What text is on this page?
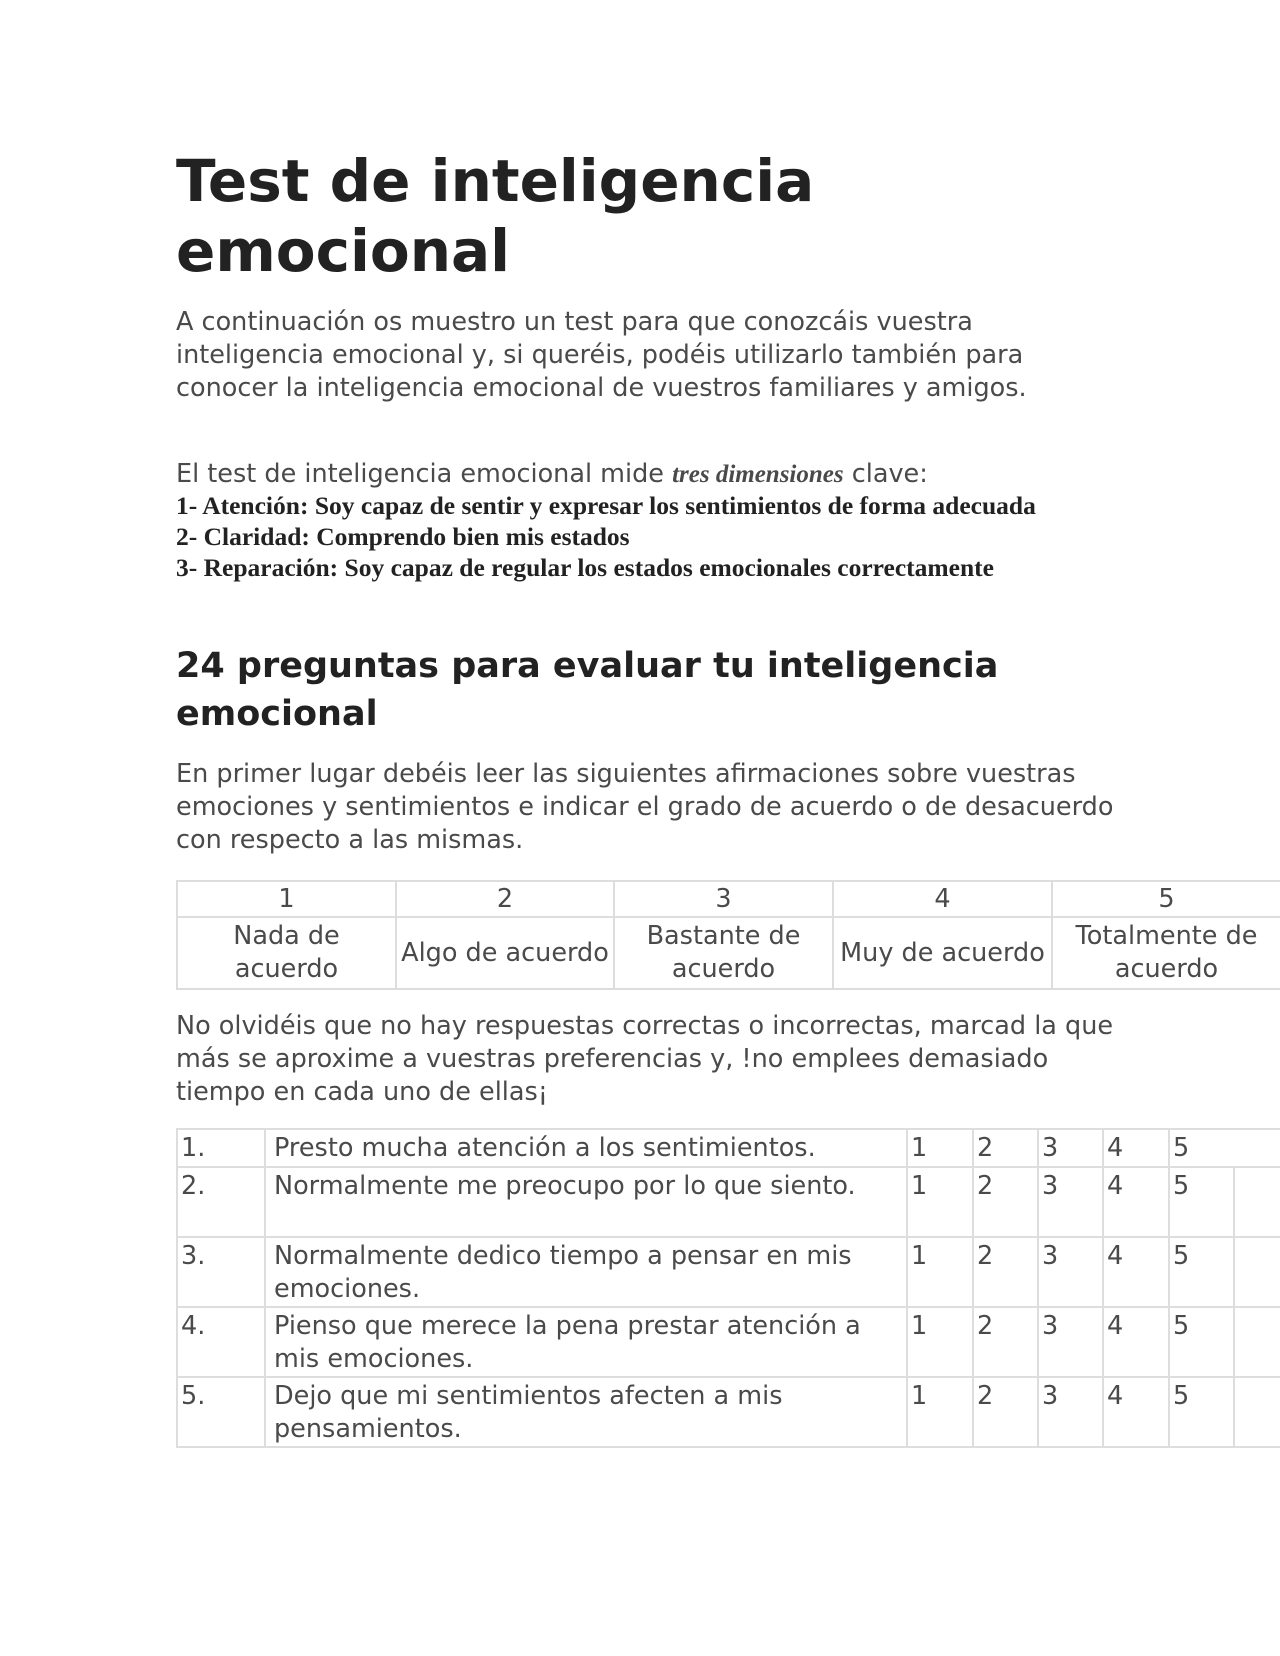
Test de inteligencia emocional

A continuación os muestro un test para que conozcáis vuestra inteligencia emocional y, si queréis, podéis utilizarlo también para conocer la inteligencia emocional de vuestros familiares y amigos.

El test de inteligencia emocional mide tres dimensiones clave:

1- Atención: Soy capaz de sentir y expresar los sentimientos de forma adecuada
2- Claridad: Comprendo bien mis estados
3- Reparación: Soy capaz de regular los estados emocionales correctamente
24 preguntas para evaluar tu inteligencia emocional

En primer lugar debéis leer las siguientes afirmaciones sobre vuestras emociones y sentimientos e indicar el grado de acuerdo o de desacuerdo con respecto a las mismas.

1	2	3	4	5
Nada de acuerdo	Algo de acuerdo	Bastante de acuerdo	Muy de acuerdo	Totalmente de acuerdo

No olvidéis que no hay respuestas correctas o incorrectas, marcad la que más se aproxime a vuestras preferencias y, !no emplees demasiado tiempo en cada uno de ellas¡

1.	Presto mucha atención a los sentimientos.	1	2	3	4	5	
2.	Normalmente me preocupo por lo que siento.	1	2	3	4	5	
3.	Normalmente dedico tiempo a pensar en mis emociones.	1	2	3	4	5	
4.	Pienso que merece la pena prestar atención a mis emociones.	1	2	3	4	5	
5.	Dejo que mi sentimientos afecten a mis pensamientos.	1	2	3	4	5	
